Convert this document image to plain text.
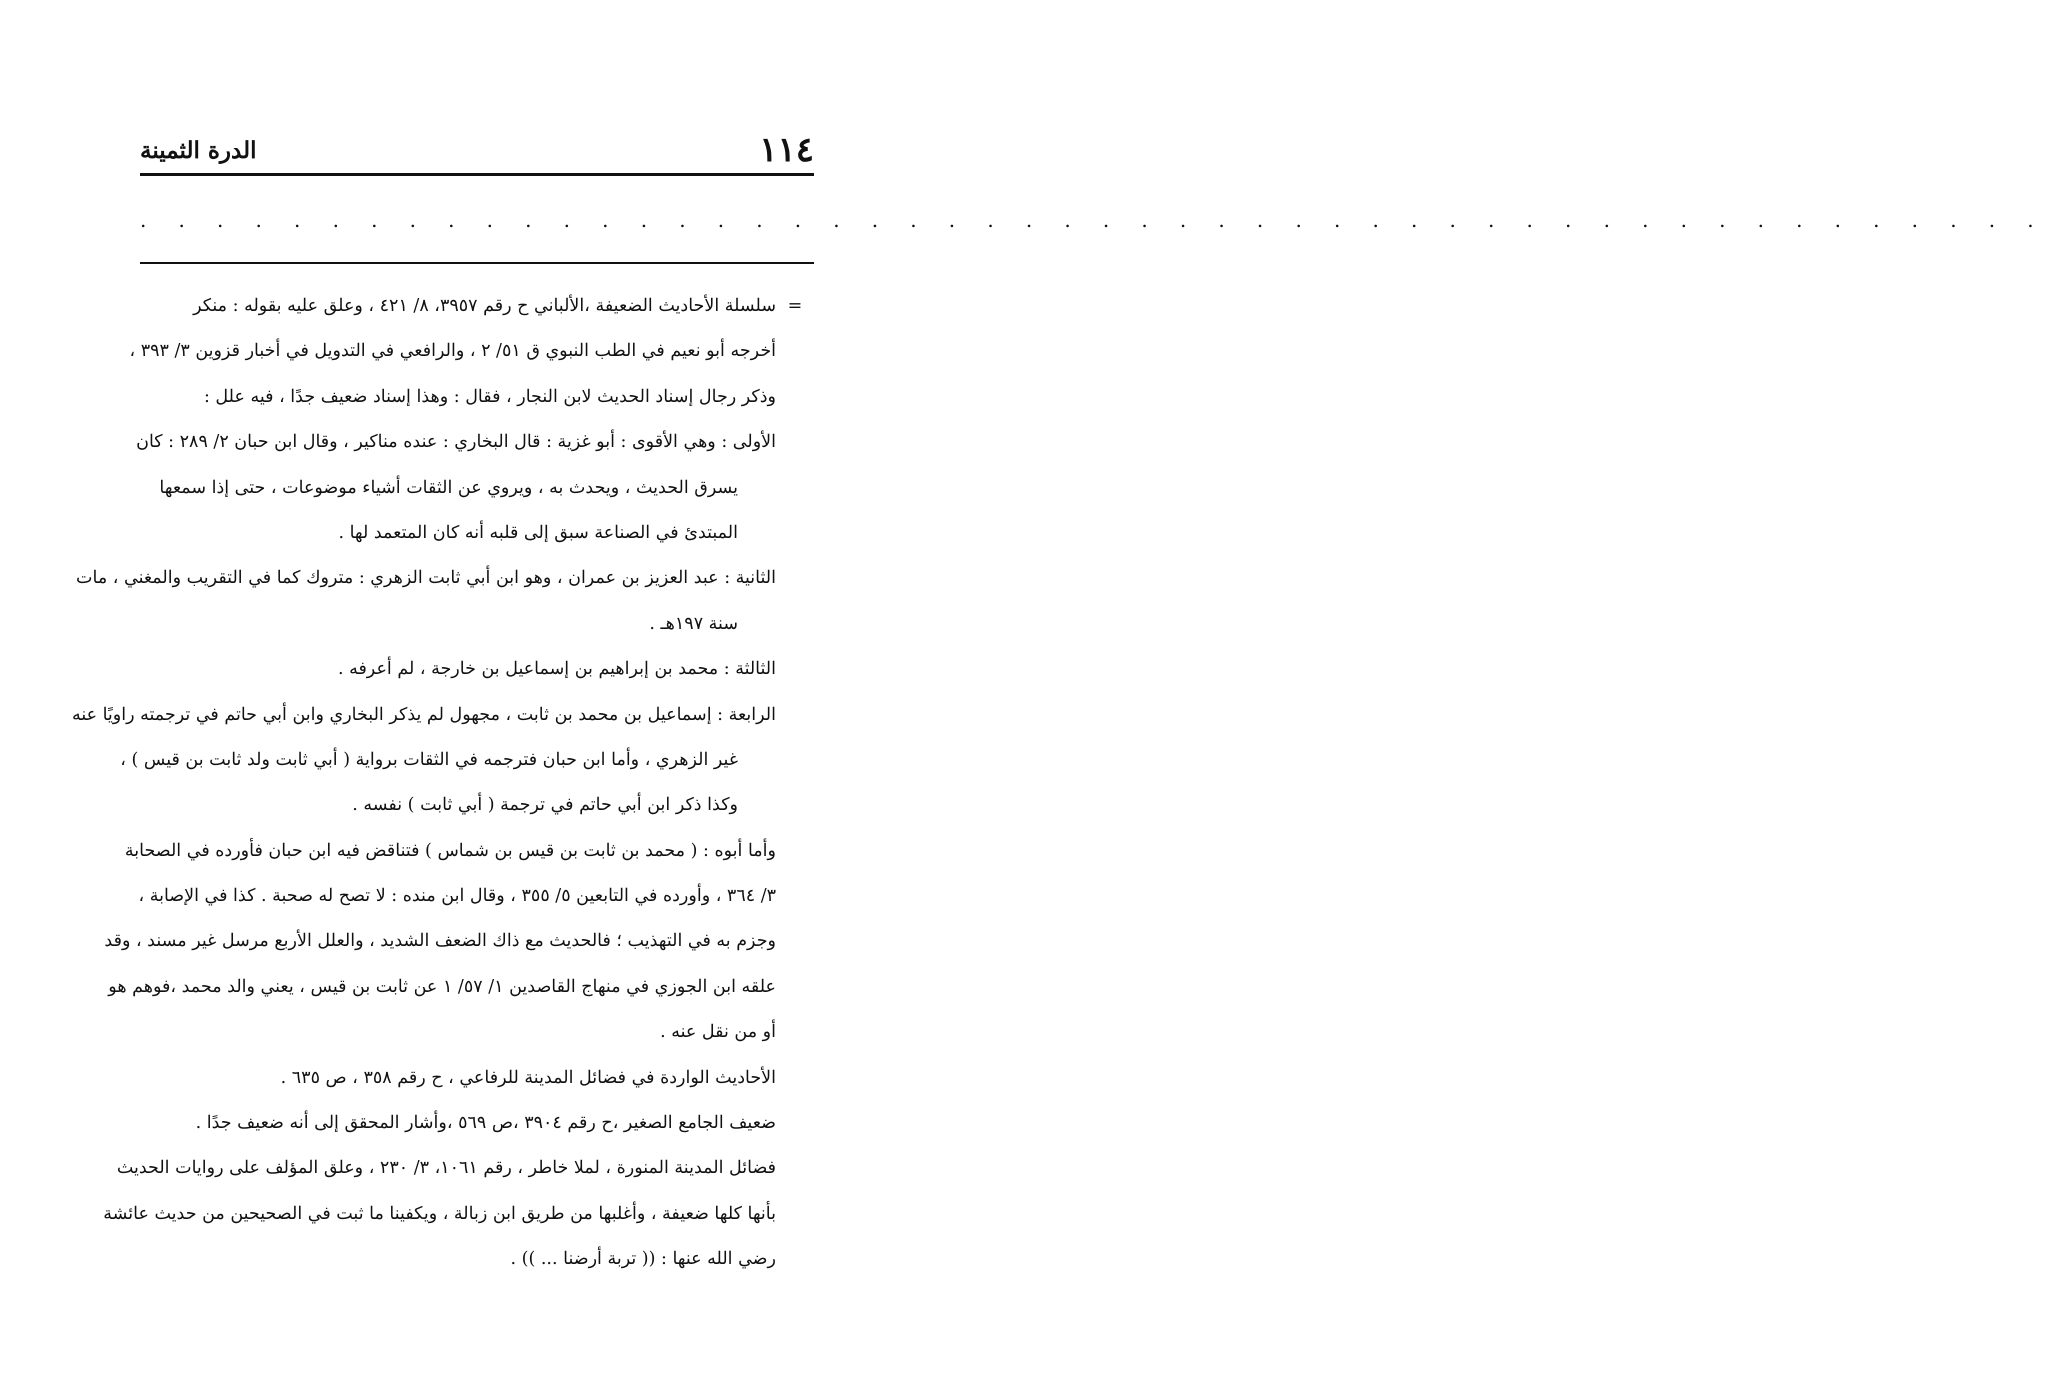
١١٤
الدرة الثمينة
. . . . . . . . . . . . . . . . . . . . . . . . . . . . . . . . . . . . . . . . . . . . . . . . . .
=سلسلة الأحاديث الضعيفة ،الألباني ح رقم ٣٩٥٧، ٨/ ٤٢١ ، وعلق عليه بقوله : منكر
أخرجه أبو نعيم في الطب النبوي ق ٥١/ ٢ ، والرافعي في التدويل في أخبار قزوين ٣/ ٣٩٣ ،
وذكر رجال إسناد الحديث لابن النجار ، فقال : وهذا إسناد ضعيف جدًا ، فيه علل :
الأولى : وهي الأقوى : أبو غزية : قال البخاري : عنده مناكير ، وقال ابن حبان ٢/ ٢٨٩ : كان
يسرق الحديث ، ويحدث به ، ويروي عن الثقات أشياء موضوعات ، حتى إذا سمعها
المبتدئ في الصناعة سبق إلى قلبه أنه كان المتعمد لها .
الثانية : عبد العزيز بن عمران ، وهو ابن أبي ثابت الزهري : متروك كما في التقريب والمغني ، مات
سنة ١٩٧هـ .
الثالثة : محمد بن إبراهيم بن إسماعيل بن خارجة ، لم أعرفه .
الرابعة : إسماعيل بن محمد بن ثابت ، مجهول لم يذكر البخاري وابن أبي حاتم في ترجمته راويًا عنه
غير الزهري ، وأما ابن حبان فترجمه في الثقات برواية ( أبي ثابت ولد ثابت بن قيس ) ،
وكذا ذكر ابن أبي حاتم في ترجمة ( أبي ثابت ) نفسه .
وأما أبوه : ( محمد بن ثابت بن قيس بن شماس ) فتناقض فيه ابن حبان فأورده في الصحابة
٣/ ٣٦٤ ، وأورده في التابعين ٥/ ٣٥٥ ، وقال ابن منده : لا تصح له صحبة . كذا في الإصابة ،
وجزم به في التهذيب ؛ فالحديث مع ذاك الضعف الشديد ، والعلل الأربع مرسل غير مسند ، وقد
علقه ابن الجوزي في منهاج القاصدين ١/ ٥٧/ ١ عن ثابت بن قيس ، يعني والد محمد ،فوهم هو
أو من نقل عنه .
الأحاديث الواردة في فضائل المدينة للرفاعي ، ح رقم ٣٥٨ ، ص ٦٣٥ .
ضعيف الجامع الصغير ،ح رقم ٣٩٠٤ ،ص ٥٦٩ ،وأشار المحقق إلى أنه ضعيف جدًا .
فضائل المدينة المنورة ، لملا خاطر ، رقم ١٠٦١، ٣/ ٢٣٠ ، وعلق المؤلف على روايات الحديث
بأنها كلها ضعيفة ، وأغلبها من طريق ابن زبالة ، ويكفينا ما ثبت في الصحيحين من حديث عائشة
رضي الله عنها : (( تربة أرضنا ... )) .
